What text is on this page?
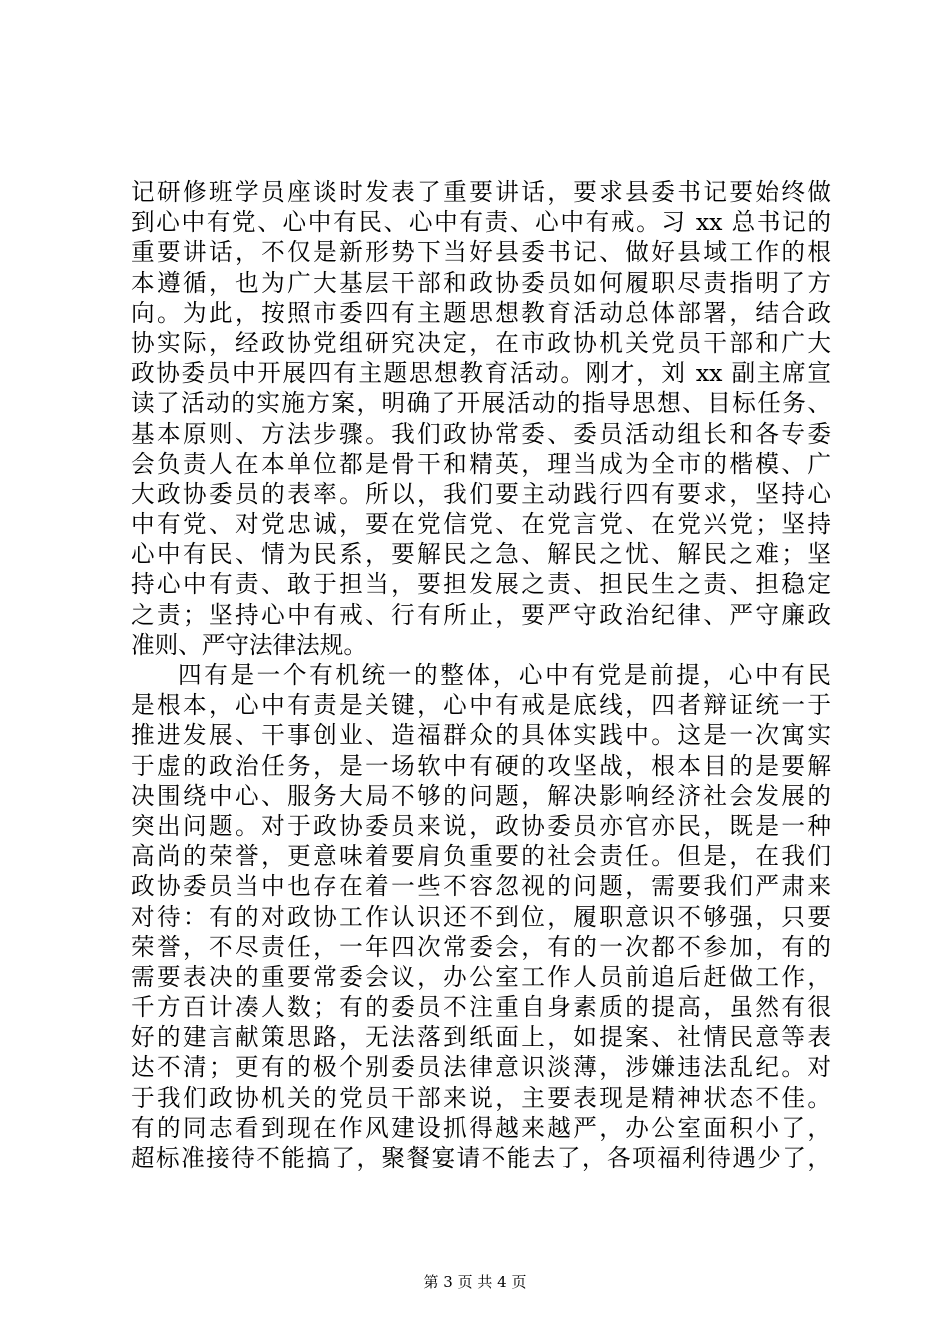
记研修班学员座谈时发表了重要讲话，要求县委书记要始终做
到心中有党、心中有民、心中有责、心中有戒。习 xx 总书记的
重要讲话，不仅是新形势下当好县委书记、做好县域工作的根
本遵循，也为广大基层干部和政协委员如何履职尽责指明了方
向。为此，按照市委四有主题思想教育活动总体部署，结合政
协实际，经政协党组研究决定，在市政协机关党员干部和广大
政协委员中开展四有主题思想教育活动。刚才，刘 xx 副主席宣
读了活动的实施方案，明确了开展活动的指导思想、目标任务、
基本原则、方法步骤。我们政协常委、委员活动组长和各专委
会负责人在本单位都是骨干和精英，理当成为全市的楷模、广
大政协委员的表率。所以，我们要主动践行四有要求，坚持心
中有党、对党忠诚，要在党信党、在党言党、在党兴党；坚持
心中有民、情为民系，要解民之急、解民之忧、解民之难；坚
持心中有责、敢于担当，要担发展之责、担民生之责、担稳定
之责；坚持心中有戒、行有所止，要严守政治纪律、严守廉政
准则、严守法律法规。
四有是一个有机统一的整体，心中有党是前提，心中有民
是根本，心中有责是关键，心中有戒是底线，四者辩证统一于
推进发展、干事创业、造福群众的具体实践中。这是一次寓实
于虚的政治任务，是一场软中有硬的攻坚战，根本目的是要解
决围绕中心、服务大局不够的问题，解决影响经济社会发展的
突出问题。对于政协委员来说，政协委员亦官亦民，既是一种
高尚的荣誉，更意味着要肩负重要的社会责任。但是，在我们
政协委员当中也存在着一些不容忽视的问题，需要我们严肃来
对待：有的对政协工作认识还不到位，履职意识不够强，只要
荣誉，不尽责任，一年四次常委会，有的一次都不参加，有的
需要表决的重要常委会议，办公室工作人员前追后赶做工作，
千方百计凑人数；有的委员不注重自身素质的提高，虽然有很
好的建言献策思路，无法落到纸面上，如提案、社情民意等表
达不清；更有的极个别委员法律意识淡薄，涉嫌违法乱纪。对
于我们政协机关的党员干部来说，主要表现是精神状态不佳。
有的同志看到现在作风建设抓得越来越严，办公室面积小了，
超标准接待不能搞了，聚餐宴请不能去了，各项福利待遇少了，
第 3 页 共 4 页
